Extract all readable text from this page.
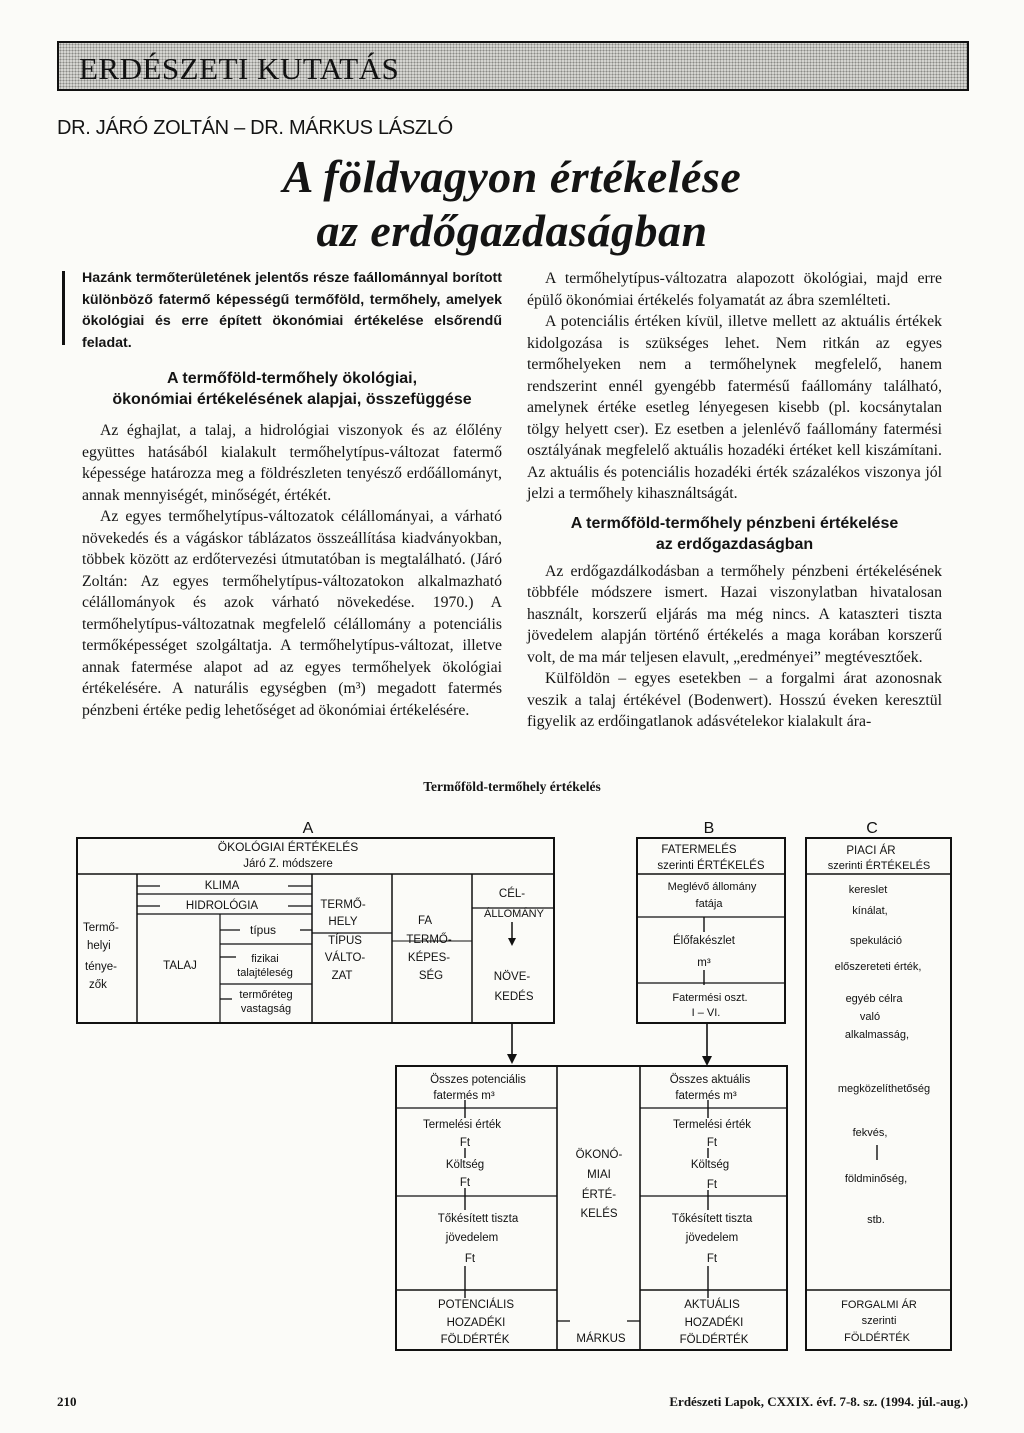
ERDÉSZETI KUTATÁS
DR. JÁRÓ ZOLTÁN – DR. MÁRKUS LÁSZLÓ
A földvagyon értékelése
az erdőgazdaságban

Hazánk termőterületének jelentős része faállománnyal borított különböző fatermő képességű termőföld, termőhely, amelyek ökológiai és erre épített ökonómiai értékelése elsőrendű feladat.

A termőföld-termőhely ökológiai,
ökonómiai értékelésének alapjai, összefüggése

Az éghajlat, a talaj, a hidrológiai viszonyok és az élőlény együttes hatásából kialakult termőhelytípus-változat fatermő képessége határozza meg a földrészleten tenyésző erdőállományt, annak mennyiségét, minőségét, értékét.

Az egyes termőhelytípus-változatok célállományai, a várható növekedés és a vágáskor táblázatos összeállítása kiadványokban, többek között az erdőtervezési útmutatóban is megtalálható. (Járó Zoltán: Az egyes termőhelytípus-változatokon alkalmazható célállományok és azok várható növekedése. 1970.) A termőhelytípus-változatnak megfelelő célállomány a potenciális termőképességet szolgáltatja. A termőhelytípus-változat, illetve annak fatermése alapot ad az egyes termőhelyek ökológiai értékelésére. A naturális egységben (m³) megadott fatermés pénzbeni értéke pedig lehetőséget ad ökonómiai értékelésére.

A termőhelytípus-változatra alapozott ökológiai, majd erre épülő ökonómiai értékelés folyamatát az ábra szemlélteti.

A potenciális értéken kívül, illetve mellett az aktuális értékek kidolgozása is szükséges lehet. Nem ritkán az egyes termőhelyeken nem a termőhelynek megfelelő, hanem rendszerint ennél gyengébb fatermésű faállomány található, amelynek értéke esetleg lényegesen kisebb (pl. kocsánytalan tölgy helyett cser). Ez esetben a jelenlévő faállomány fatermési osztályának megfelelő aktuális hozadéki értéket kell kiszámítani. Az aktuális és potenciális hozadéki érték százalékos viszonya jól jelzi a termőhely kihasználtságát.

A termőföld-termőhely pénzbeni értékelése
az erdőgazdaságban

Az erdőgazdálkodásban a termőhely pénzbeni értékelésének többféle módszere ismert. Hazai viszonylatban hivatalosan használt, korszerű eljárás ma még nincs. A kataszteri tiszta jövedelem alapján történő értékelés a maga korában korszerű volt, de ma már teljesen elavult, „eredményei” megtévesztőek.

Külföldön – egyes esetekben – a forgalmi árat azonosnak veszik a talaj értékével (Bodenwert). Hosszú éveken keresztül figyelik az erdőingatlanok adásvételekor kialakult ára-

Termőföld-termőhely értékelés
A	B	C
ÖKOLÓGIAI ÉRTÉKELÉS
Járó Z. módszere
KLIMA
HIDROLÓGIA
Termő-
helyi
ténye-
zők
TALAJ
típus
fizikai
talajtéleség
termőréteg
vastagság
TERMŐ-
HELY
TÍPUS
VÁLTO-
ZAT
FA
TERMŐ-
KÉPES-
SÉG
CÉL-
ÁLLOMÁNY
NÖVE-
KEDÉS
FATERMELÉS
szerinti ÉRTÉKELÉS
Meglévő állomány
fatája
Élőfakészlet
m³
Fatermési oszt.
I – VI.
PIACI ÁR
szerinti ÉRTÉKELÉS
kereslet
kínálat,
spekuláció
előszereteti érték,
egyéb célra
való
alkalmasság,
megközelíthetőség
fekvés,
földminőség,
stb.
FORGALMI ÁR
szerinti
FÖLDÉRTÉK
Összes potenciális
fatermés m³
Termelési érték
Ft
Költség
Ft
Tőkésített tiszta
jövedelem
Ft
POTENCIÁLIS
HOZADÉKI
FÖLDÉRTÉK
ÖKONÓ-
MIAI
ÉRTÉ-
KELÉS
MÁRKUS
Összes aktuális
fatermés m³
Termelési érték
Ft
Költség
Ft
Tőkésített tiszta
jövedelem
Ft
AKTUÁLIS
HOZADÉKI
FÖLDÉRTÉK
210	Erdészeti Lapok, CXXIX. évf. 7-8. sz. (1994. júl.-aug.)
